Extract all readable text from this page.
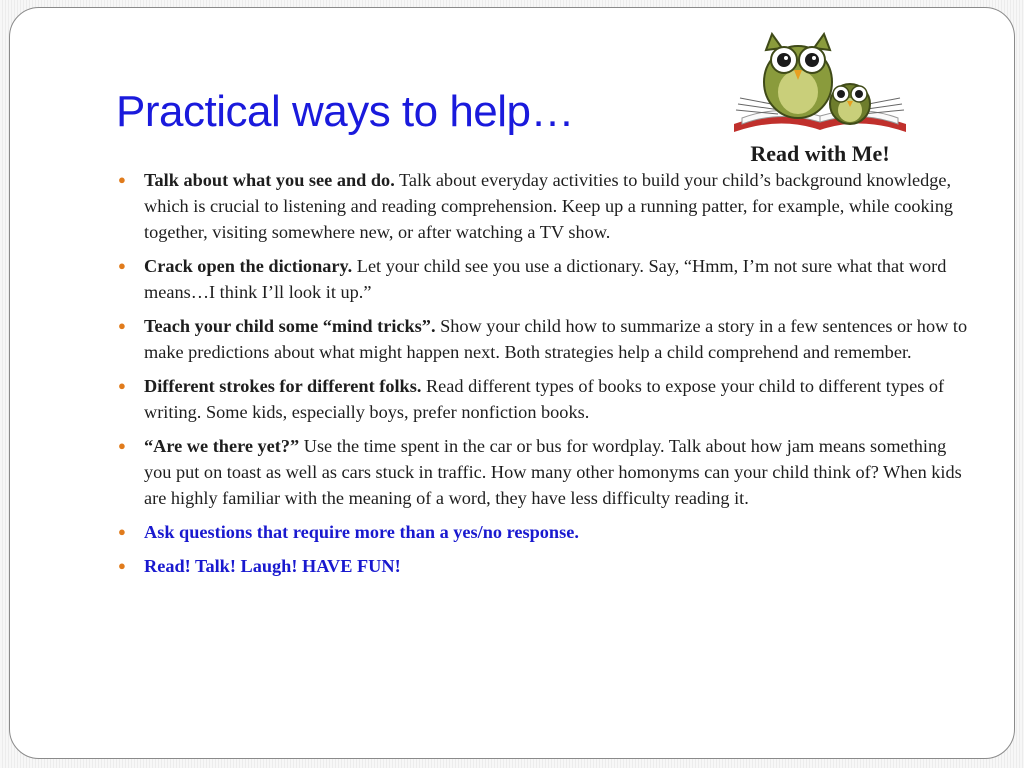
Practical ways to help…
Read with Me!
● Talk about what you see and do. Talk about everyday activities to build your child’s background knowledge, which is crucial to listening and reading comprehension. Keep up a running patter, for example, while cooking together, visiting somewhere new, or after watching a TV show.
● Crack open the dictionary. Let your child see you use a dictionary. Say, “Hmm, I’m not sure what that word means…I think I’ll look it up.”
● Teach your child some “mind tricks”. Show your child how to summarize a story in a few sentences or how to make predictions about what might happen next. Both strategies help a child comprehend and remember.
● Different strokes for different folks. Read different types of books to expose your child to different types of writing. Some kids, especially boys, prefer nonfiction books.
● “Are we there yet?” Use the time spent in the car or bus for wordplay. Talk about how jam means something you put on toast as well as cars stuck in traffic. How many other homonyms can your child think of? When kids are highly familiar with the meaning of a word, they have less difficulty reading it.
● Ask questions that require more than a yes/no response.
● Read! Talk! Laugh! HAVE FUN!
